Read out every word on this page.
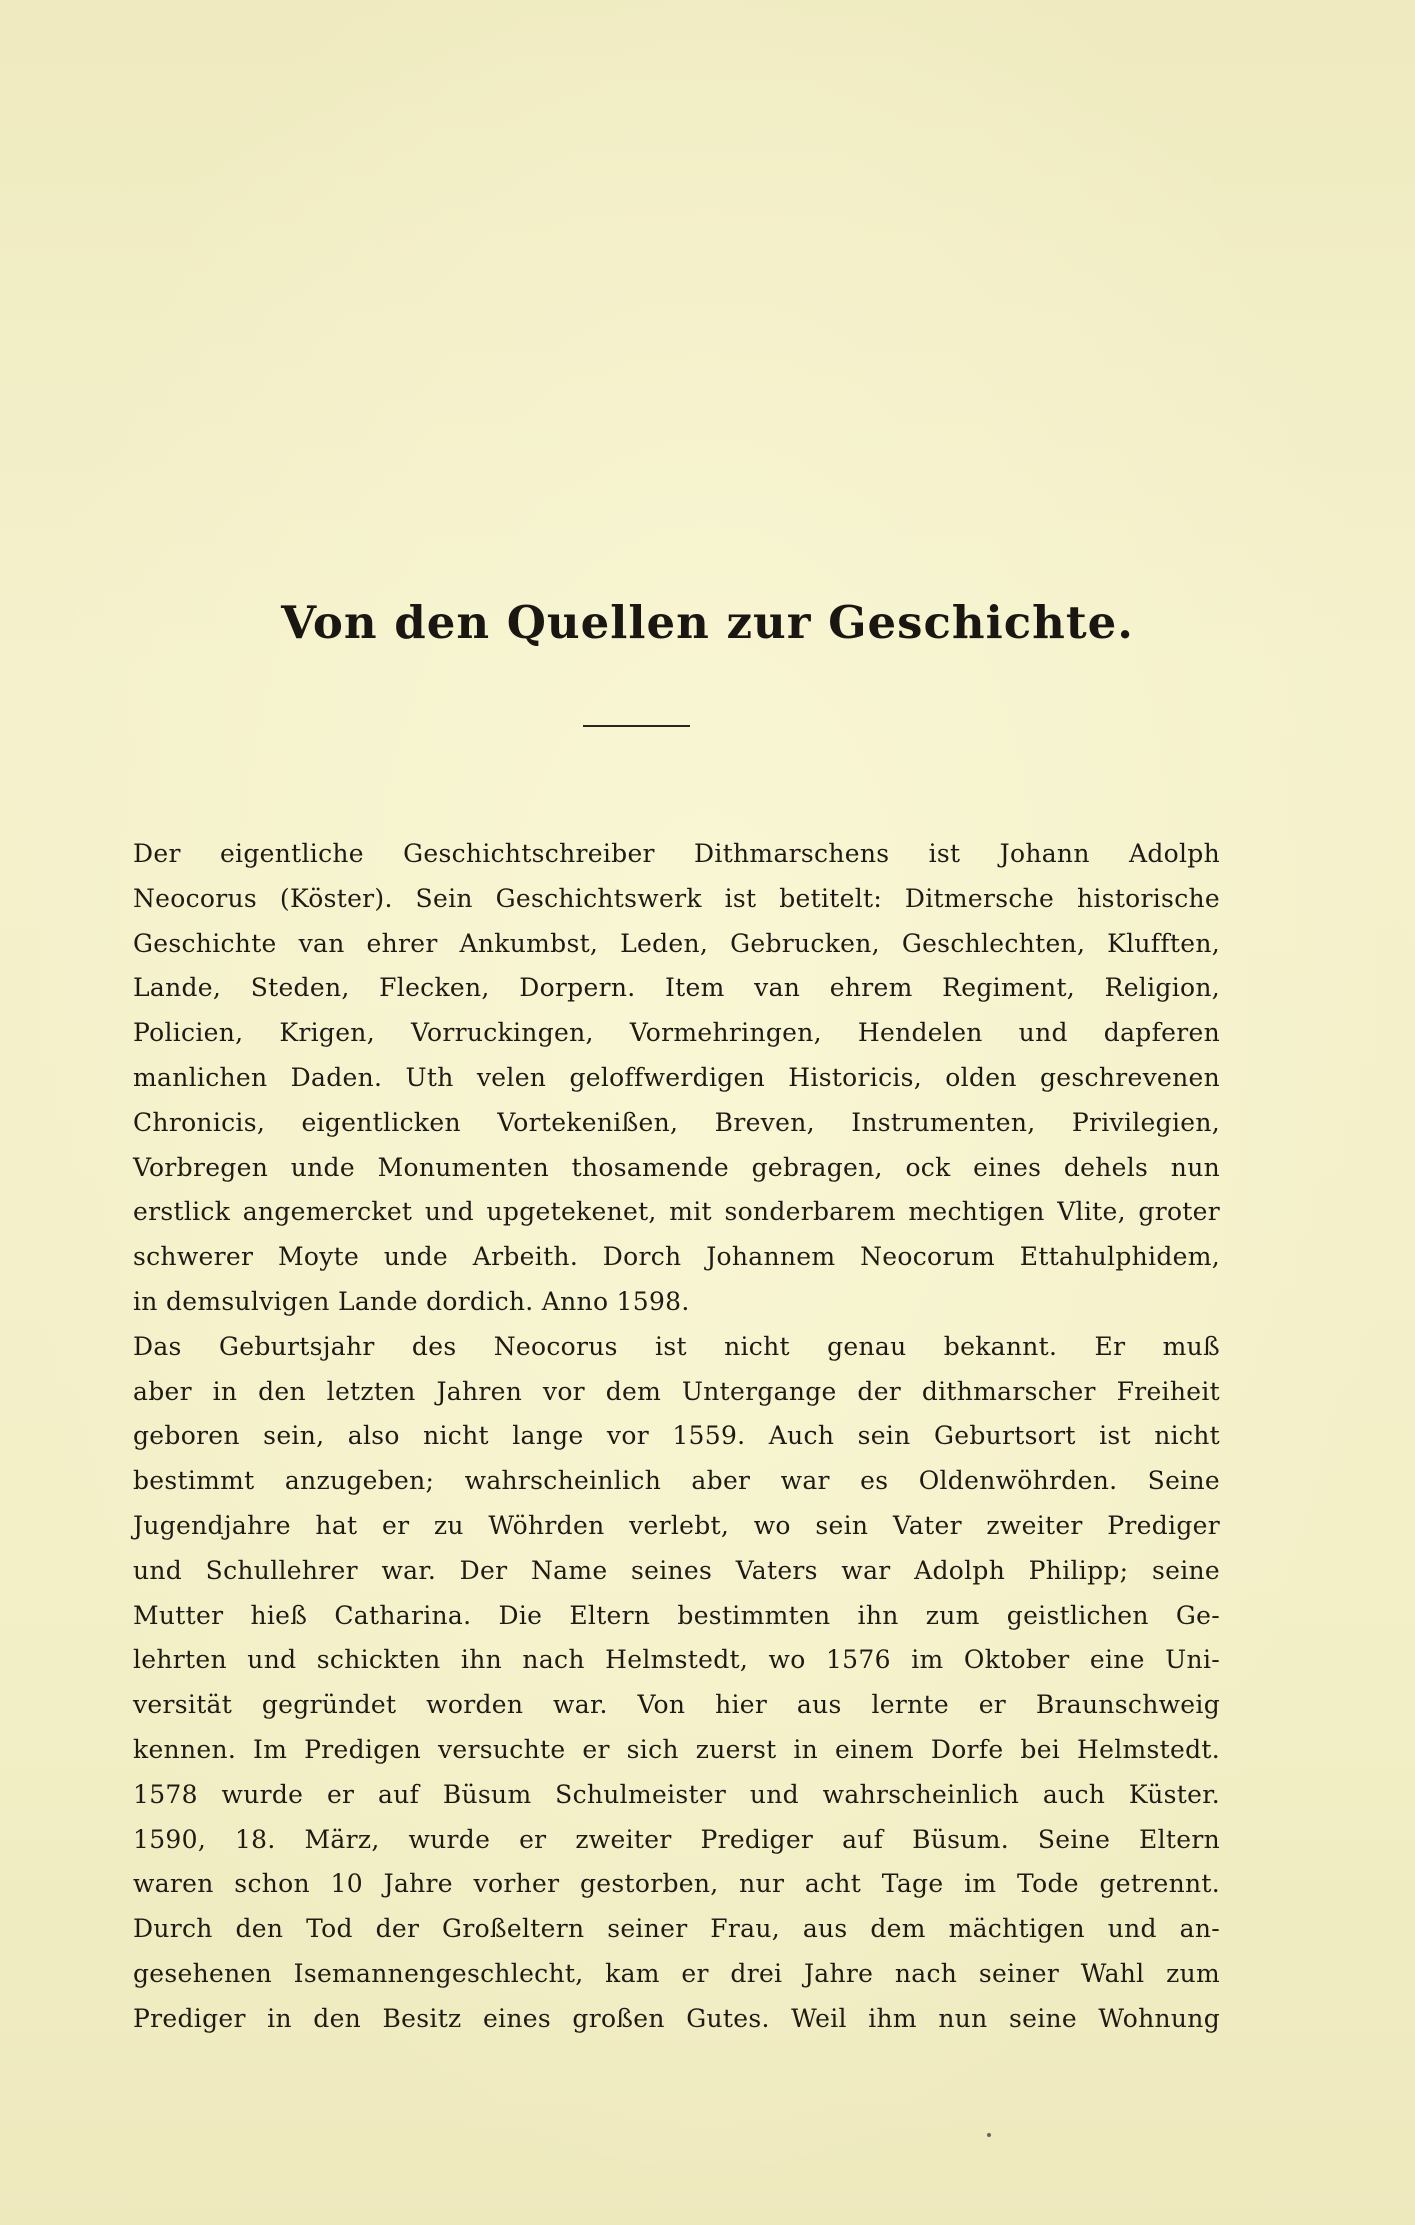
Von den Quellen zur Geschichte.
Der eigentliche Geschichtschreiber Dithmarschens ist Johann Adolph
Neocorus (Köster). Sein Geschichtswerk ist betitelt: Ditmersche historische
Geschichte van ehrer Ankumbst, Leden, Gebrucken, Geschlechten, Klufften,
Lande, Steden, Flecken, Dorpern. Item van ehrem Regiment, Religion,
Policien, Krigen, Vorruckingen, Vormehringen, Hendelen und dapferen
manlichen Daden. Uth velen geloffwerdigen Historicis, olden geschrevenen
Chronicis, eigentlicken Vortekenißen, Breven, Instrumenten, Privilegien,
Vorbregen unde Monumenten thosamende gebragen, ock eines dehels nun
erstlick angemercket und upgetekenet, mit sonderbarem mechtigen Vlite, groter
schwerer Moyte unde Arbeith. Dorch Johannem Neocorum Ettahulphidem,
in demsulvigen Lande dordich. Anno 1598.
Das Geburtsjahr des Neocorus ist nicht genau bekannt. Er muß
aber in den letzten Jahren vor dem Untergange der dithmarscher Freiheit
geboren sein, also nicht lange vor 1559. Auch sein Geburtsort ist nicht
bestimmt anzugeben; wahrscheinlich aber war es Oldenwöhrden. Seine
Jugendjahre hat er zu Wöhrden verlebt, wo sein Vater zweiter Prediger
und Schullehrer war. Der Name seines Vaters war Adolph Philipp; seine
Mutter hieß Catharina. Die Eltern bestimmten ihn zum geistlichen Ge-
lehrten und schickten ihn nach Helmstedt, wo 1576 im Oktober eine Uni-
versität gegründet worden war. Von hier aus lernte er Braunschweig
kennen. Im Predigen versuchte er sich zuerst in einem Dorfe bei Helmstedt.
1578 wurde er auf Büsum Schulmeister und wahrscheinlich auch Küster.
1590, 18. März, wurde er zweiter Prediger auf Büsum. Seine Eltern
waren schon 10 Jahre vorher gestorben, nur acht Tage im Tode getrennt.
Durch den Tod der Großeltern seiner Frau, aus dem mächtigen und an-
gesehenen Isemannengeschlecht, kam er drei Jahre nach seiner Wahl zum
Prediger in den Besitz eines großen Gutes. Weil ihm nun seine Wohnung
